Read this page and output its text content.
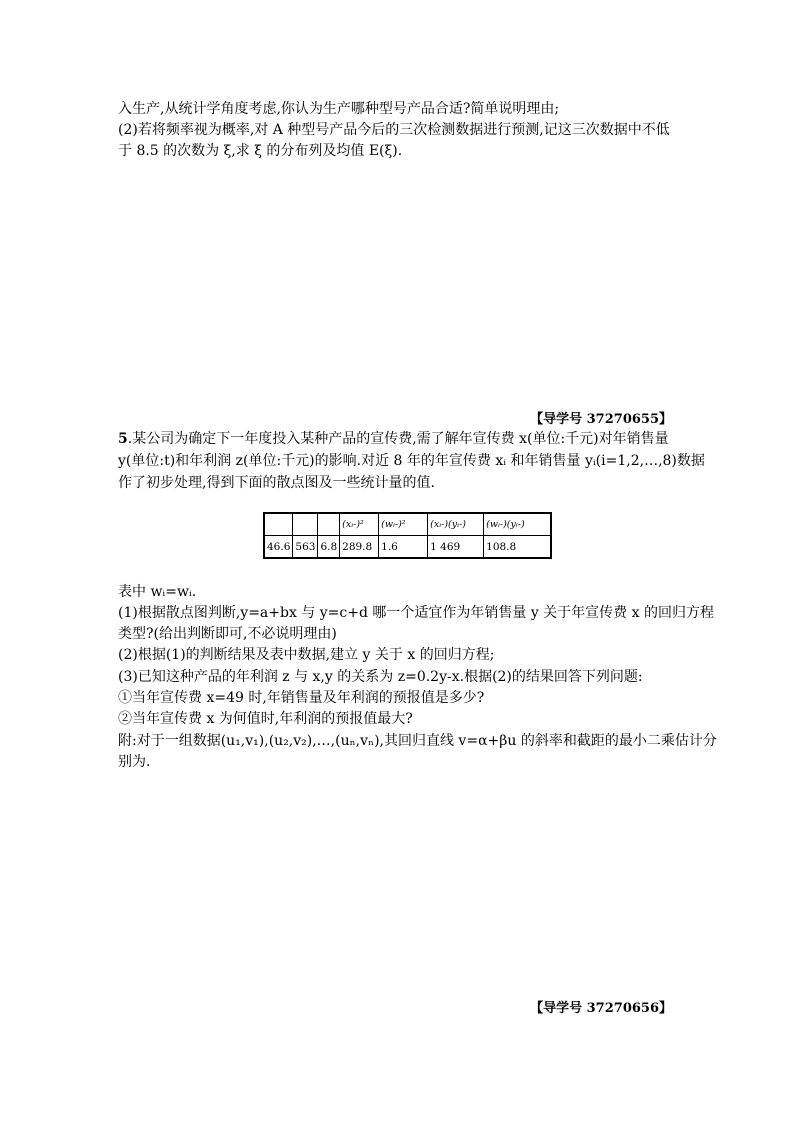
入生产,从统计学角度考虑,你认为生产哪种型号产品合适?简单说明理由;
(2)若将频率视为概率,对 A 种型号产品今后的三次检测数据进行预测,记这三次数据中不低
于 8.5 的次数为 ξ,求 ξ 的分布列及均值 E(ξ).
【导学号 37270655】
5.某公司为确定下一年度投入某种产品的宣传费,需了解年宣传费 x(单位:千元)对年销售量
y(单位:t)和年利润 z(单位:千元)的影响.对近 8 年的年宣传费 xᵢ 和年销售量 yᵢ(i=1,2,…,8)数据
作了初步处理,得到下面的散点图及一些统计量的值.
			(xᵢ-)²	(wᵢ-)²	(xᵢ-)(yᵢ-)	(wᵢ-)(yᵢ-)
46.6	563	6.8	289.8	1.6	1 469	108.8
表中 wᵢ=wᵢ.
(1)根据散点图判断,y=a+bx 与 y=c+d 哪一个适宜作为年销售量 y 关于年宣传费 x 的回归方程
类型?(给出判断即可,不必说明理由)
(2)根据(1)的判断结果及表中数据,建立 y 关于 x 的回归方程;
(3)已知这种产品的年利润 z 与 x,y 的关系为 z=0.2y-x.根据(2)的结果回答下列问题:
①当年宣传费 x=49 时,年销售量及年利润的预报值是多少?
②当年宣传费 x 为何值时,年利润的预报值最大?
附:对于一组数据(u₁,v₁),(u₂,v₂),…,(uₙ,vₙ),其回归直线 v=α+βu 的斜率和截距的最小二乘估计分
别为.
【导学号 37270656】
